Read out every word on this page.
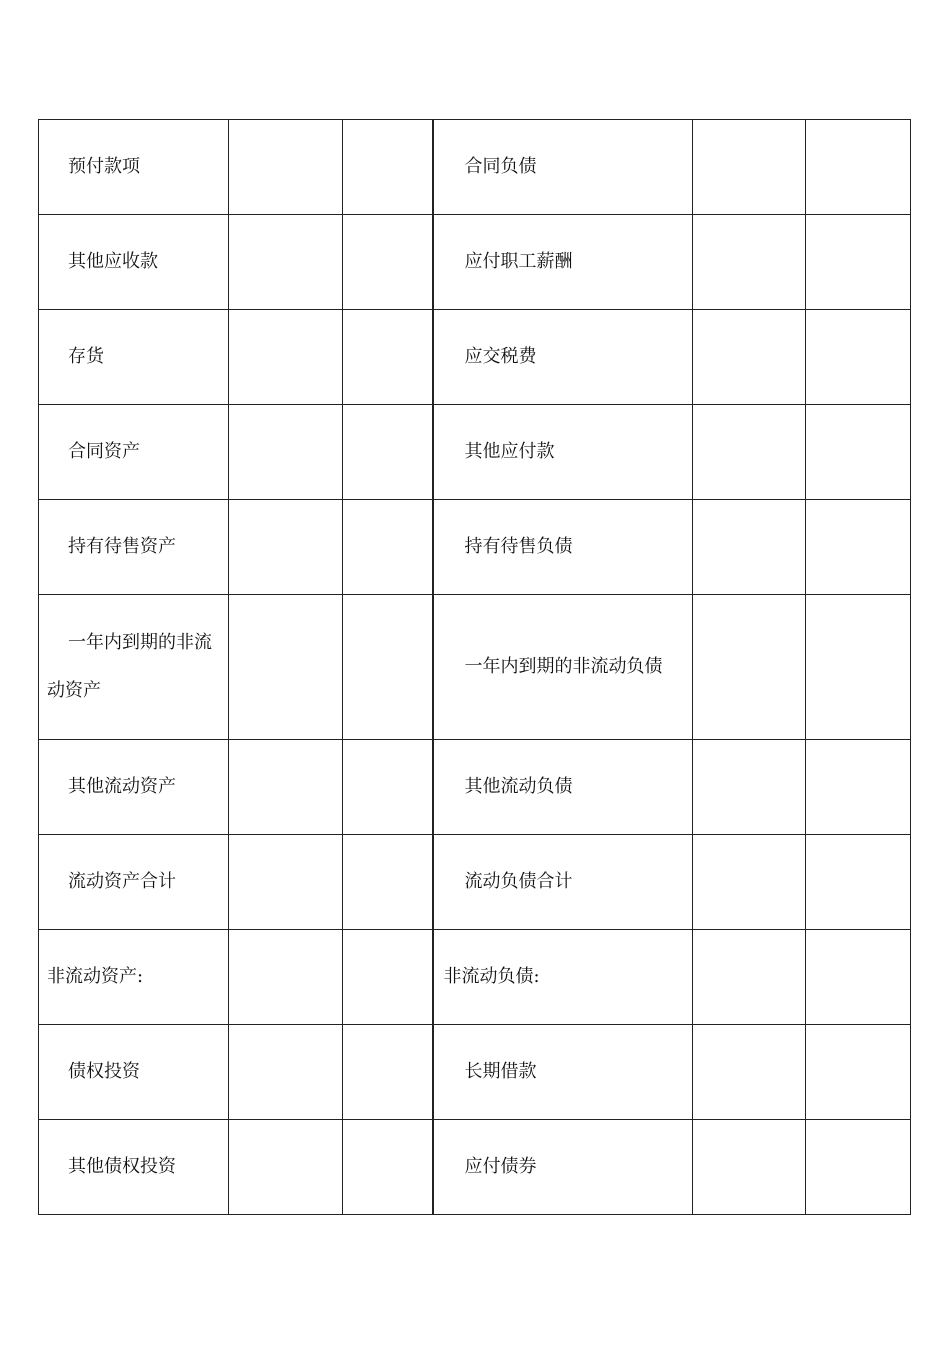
预付款项			合同负债		

其他应收款			应付职工薪酬		

存货			应交税费		

合同资产			其他应付款		

持有待售资产			持有待售负债		

一年内到期的非流动资产			一年内到期的非流动负债		

其他流动资产			其他流动负债		

流动资产合计			流动负债合计		

非流动资产:			非流动负债:		

债权投资			长期借款		

其他债权投资			应付债券		
